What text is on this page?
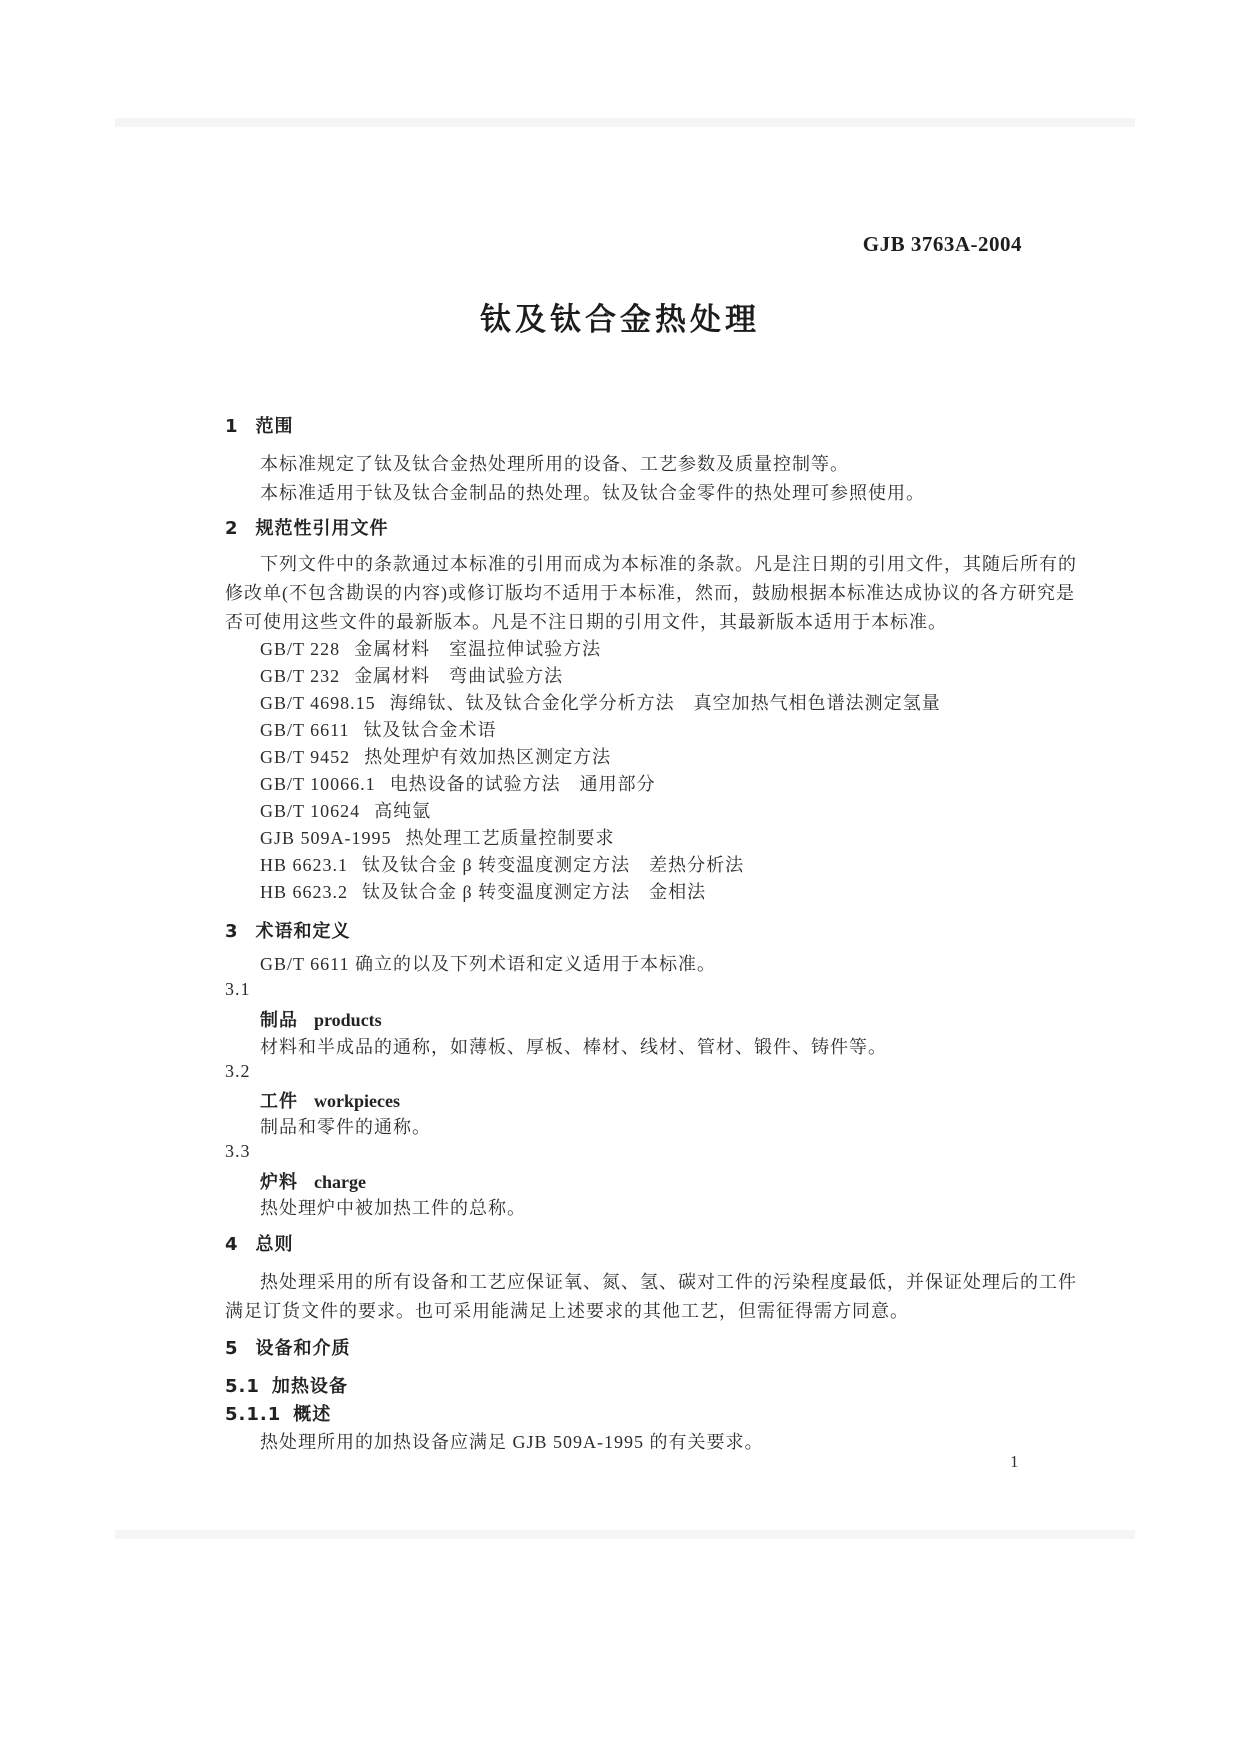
GJB 3763A-2004
钛及钛合金热处理
1 范围
本标准规定了钛及钛合金热处理所用的设备、工艺参数及质量控制等。
本标准适用于钛及钛合金制品的热处理。钛及钛合金零件的热处理可参照使用。
2 规范性引用文件
下列文件中的条款通过本标准的引用而成为本标准的条款。凡是注日期的引用文件，其随后所有的
修改单(不包含勘误的内容)或修订版均不适用于本标准，然而，鼓励根据本标准达成协议的各方研究是
否可使用这些文件的最新版本。凡是不注日期的引用文件，其最新版本适用于本标准。
GB/T 228 金属材料　室温拉伸试验方法
GB/T 232 金属材料　弯曲试验方法
GB/T 4698.15 海绵钛、钛及钛合金化学分析方法　真空加热气相色谱法测定氢量
GB/T 6611 钛及钛合金术语
GB/T 9452 热处理炉有效加热区测定方法
GB/T 10066.1 电热设备的试验方法　通用部分
GB/T 10624 高纯氩
GJB 509A-1995 热处理工艺质量控制要求
HB 6623.1 钛及钛合金 β 转变温度测定方法　差热分析法
HB 6623.2 钛及钛合金 β 转变温度测定方法　金相法
3 术语和定义
GB/T 6611 确立的以及下列术语和定义适用于本标准。
3.1
制品 products
材料和半成品的通称，如薄板、厚板、棒材、线材、管材、锻件、铸件等。
3.2
工件 workpieces
制品和零件的通称。
3.3
炉料 charge
热处理炉中被加热工件的总称。
4 总则
热处理采用的所有设备和工艺应保证氧、氮、氢、碳对工件的污染程度最低，并保证处理后的工件
满足订货文件的要求。也可采用能满足上述要求的其他工艺，但需征得需方同意。
5 设备和介质
5.1 加热设备
5.1.1 概述
热处理所用的加热设备应满足 GJB 509A-1995 的有关要求。
1
